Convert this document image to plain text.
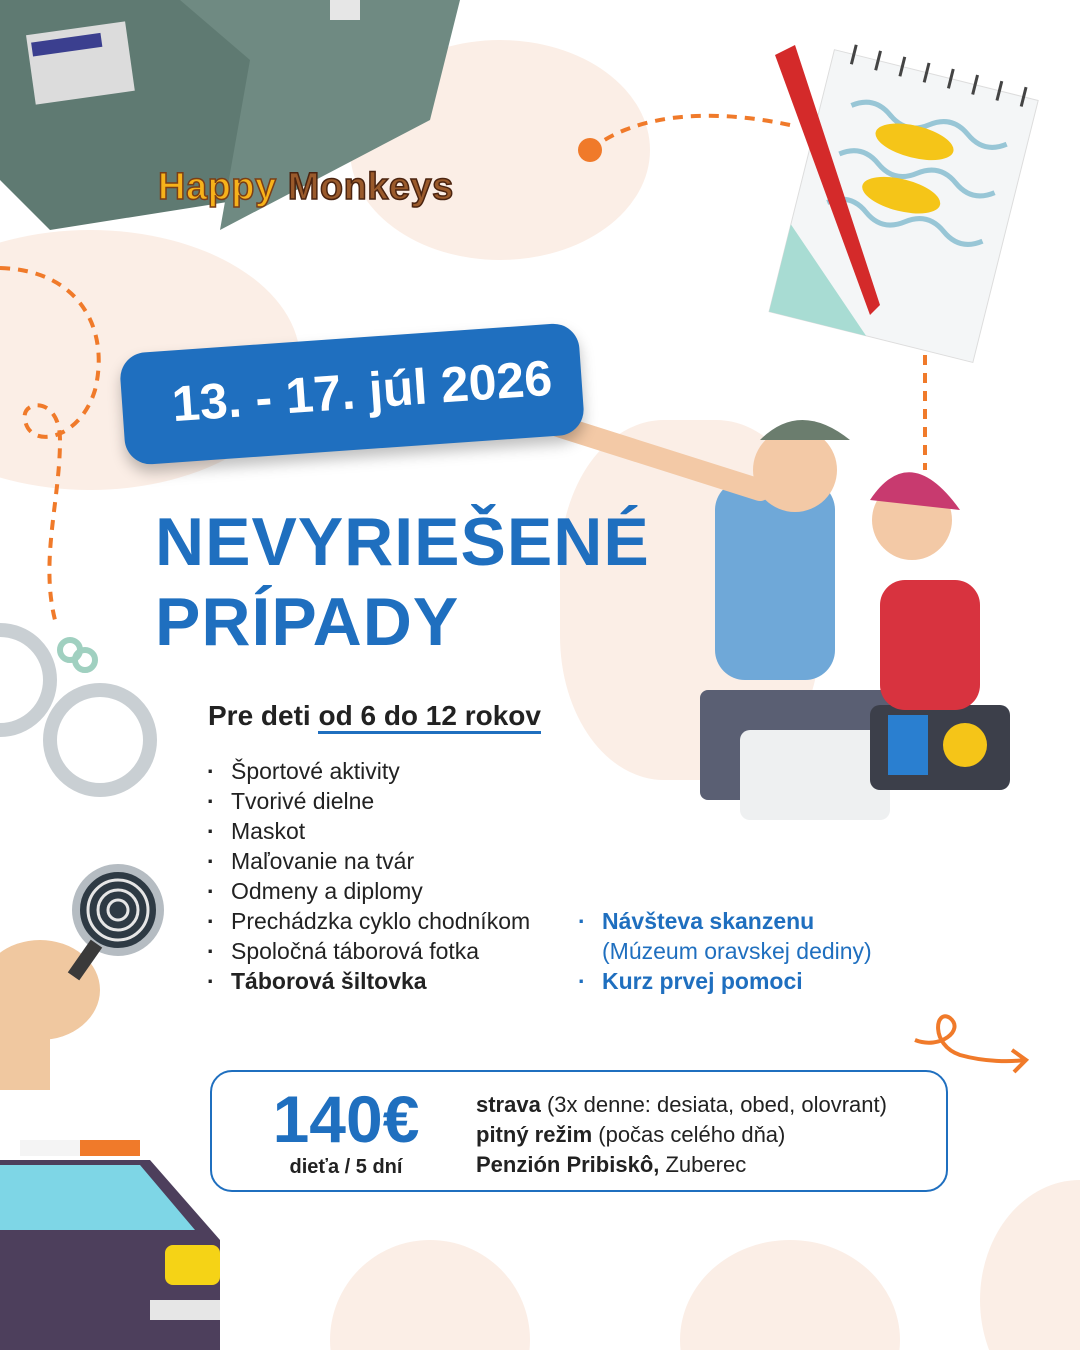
Happy Monkeys
13. - 17. júl 2026
NEVYRIEŠENÉ
PRÍPADY
Pre deti od 6 do 12 rokov
· Športové aktivity
· Tvorivé dielne
· Maskot
· Maľovanie na tvár
· Odmeny a diplomy
· Prechádzka cyklo chodníkom
· Spoločná táborová fotka
· Táborová šiltovka
· Návšteva skanzenu
(Múzeum oravskej dediny)
· Kurz prvej pomoci
140€
dieťa / 5 dní
strava (3x denne: desiata, obed, olovrant)
pitný režim (počas celého dňa)
Penzión Pribiskô, Zuberec
